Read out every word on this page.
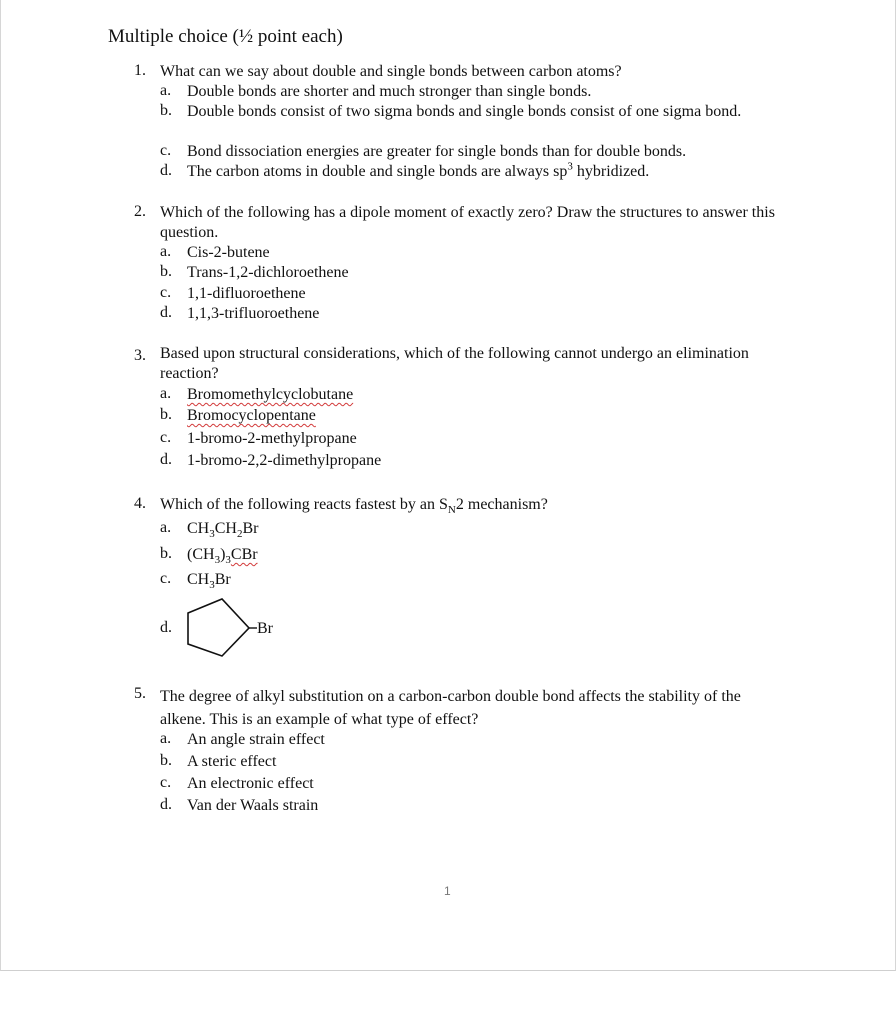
Multiple choice (½ point each)
1. What can we say about double and single bonds between carbon atoms?
a. Double bonds are shorter and much stronger than single bonds.
b. Double bonds consist of two sigma bonds and single bonds consist of one sigma bond.
c. Bond dissociation energies are greater for single bonds than for double bonds.
d. The carbon atoms in double and single bonds are always $sp^3$ hybridized.
2. Which of the following has a dipole moment of exactly zero? Draw the structures to answer this question.
a. Cis-2-butene
b. Trans-1,2-dichloroethene
c. 1,1-difluoroethene
d. 1,1,3-trifluoroethene
3. Based upon structural considerations, which of the following cannot undergo an elimination reaction?
a. Bromomethylcyclobutane
b. Bromocyclopentane
c. 1-bromo-2-methylpropane
d. 1-bromo-2,2-dimethylpropane
4. Which of the following reacts fastest by an $S_N2$ mechanism?
a. $CH_3CH_2Br$
b. $(CH_3)_3CBr$
c. $CH_3Br$
d.	Br
5. The degree of alkyl substitution on a carbon-carbon double bond affects the stability of the alkene. This is an example of what type of effect?
a. An angle strain effect
b. A steric effect
c. An electronic effect
d. Van der Waals strain
1
